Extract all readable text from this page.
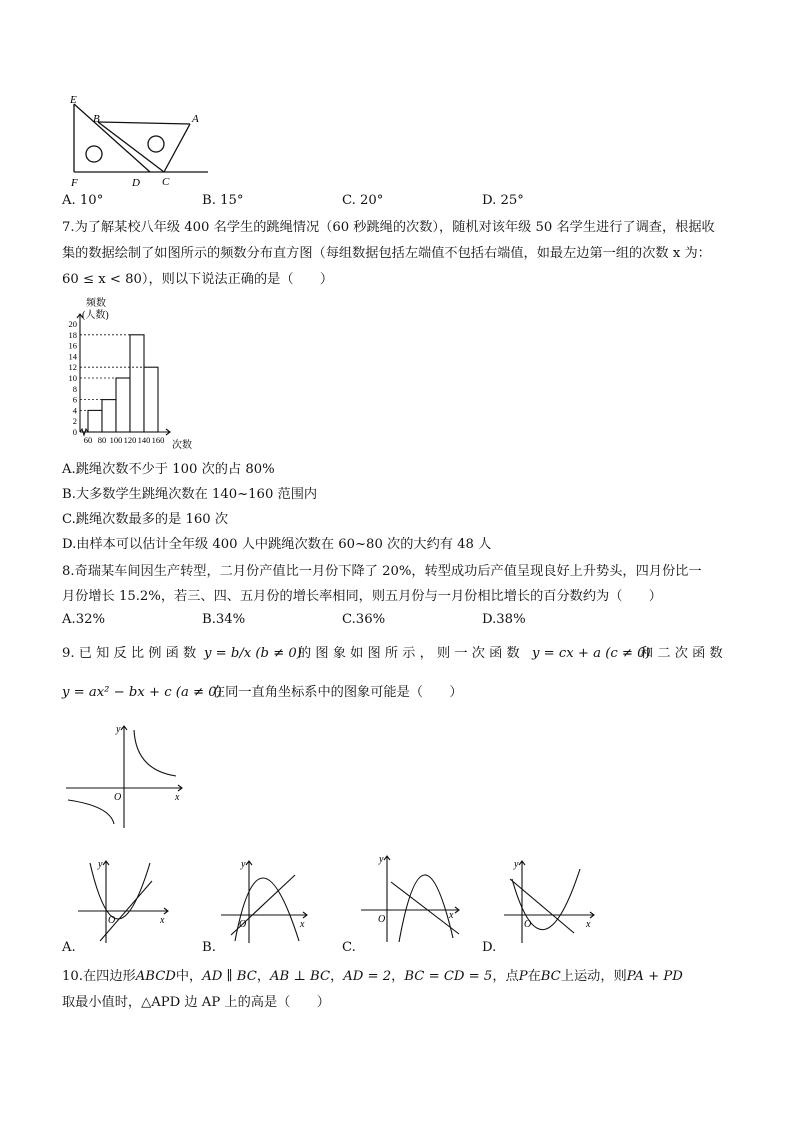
E
B	A
F	D C
A. 10°	B. 15°	C. 20°	D. 25°
7.为了解某校八年级 400 名学生的跳绳情况（60 秒跳绳的次数），随机对该年级 50 名学生进行了调查，根据收
集的数据绘制了如图所示的频数分布直方图（每组数据包括左端值不包括右端值，如最左边第一组的次数 x 为：
60 ≤ x < 80），则以下说法正确的是（　　）
频数
(人数)
次数
0
2
4
6
8
10
12
14
16
18
20
60 80 100 120 140 160
A.跳绳次数不少于 100 次的占 80%
B.大多数学生跳绳次数在 140~160 范围内
C.跳绳次数最多的是 160 次
D.由样本可以估计全年级 400 人中跳绳次数在 60~80 次的大约有 48 人
8.奇瑞某车间因生产转型，二月份产值比一月份下降了 20%，转型成功后产值呈现良好上升势头，四月份比一
月份增长 15.2%，若三、四、五月份的增长率相同，则五月份与一月份相比增长的百分数约为（　　）
A.32%	B.34%	C.36%	D.38%
9. 已 知 反 比 例 函 数 y = b/x (b ≠ 0)
的 图 象 如 图 所 示 ， 则 一 次 函 数 y = cx + a (c ≠ 0)
和 二 次 函 数
y = ax² − bx + c (a ≠ 0)
在同一直角坐标系中的图象可能是（　　）
y
x
O
y
x
O
A.
y
x
O
B.
y
x
O
C.
y
x
O
D.
10.在四边形ABCD中，AD ∥ BC，AB ⊥ BC，AD = 2，BC = CD = 5，点P在BC上运动，则PA + PD
取最小值时，△APD 边 AP 上的高是（　　）
